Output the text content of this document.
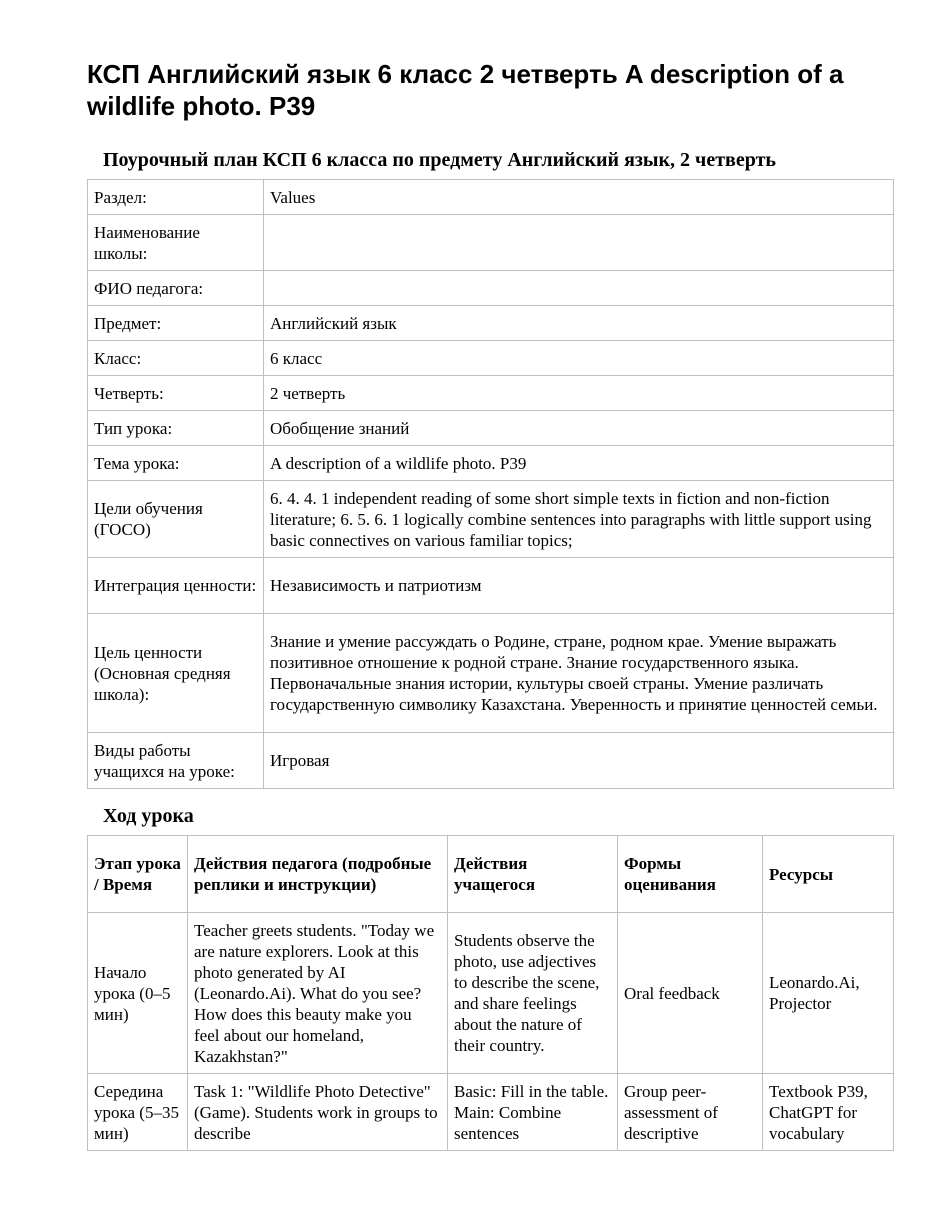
КСП Английский язык 6 класс 2 четверть A description of a wildlife photo. P39
Поурочный план КСП 6 класса по предмету Английский язык, 2 четверть
Раздел:	Values
Наименование школы:	
ФИО педагога:	
Предмет:	Английский язык
Класс:	6 класс
Четверть:	2 четверть
Тип урока:	Обобщение знаний
Тема урока:	A description of a wildlife photo. P39
Цели обучения (ГОСО)	6. 4. 4. 1 independent reading of some short simple texts in fiction and non-fiction literature; 6. 5. 6. 1 logically combine sentences into paragraphs with little support using basic connectives on various familiar topics;
Интеграция ценности:	Независимость и патриотизм
Цель ценности (Основная средняя школа):	Знание и умение рассуждать о Родине, стране, родном крае. Умение выражать позитивное отношение к родной стране. Знание государственного языка. Первоначальные знания истории, культуры своей страны. Умение различать государственную символику Казахстана. Уверенность и принятие ценностей семьи.
Виды работы учащихся на уроке:	Игровая
Ход урока
Этап урока / Время	Действия педагога (подробные реплики и инструкции)	Действия учащегося	Формы оценивания	Ресурсы
Начало урока (0–5 мин)	Teacher greets students. "Today we are nature explorers. Look at this photo generated by AI (Leonardo.Ai). What do you see? How does this beauty make you feel about our homeland, Kazakhstan?"	Students observe the photo, use adjectives to describe the scene, and share feelings about the nature of their country.	Oral feedback	Leonardo.Ai, Projector
Середина урока (5–35 мин)	Task 1: "Wildlife Photo Detective" (Game). Students work in groups to describe	Basic: Fill in the table. Main: Combine sentences	Group peer-assessment of descriptive	Textbook P39, ChatGPT for vocabulary
